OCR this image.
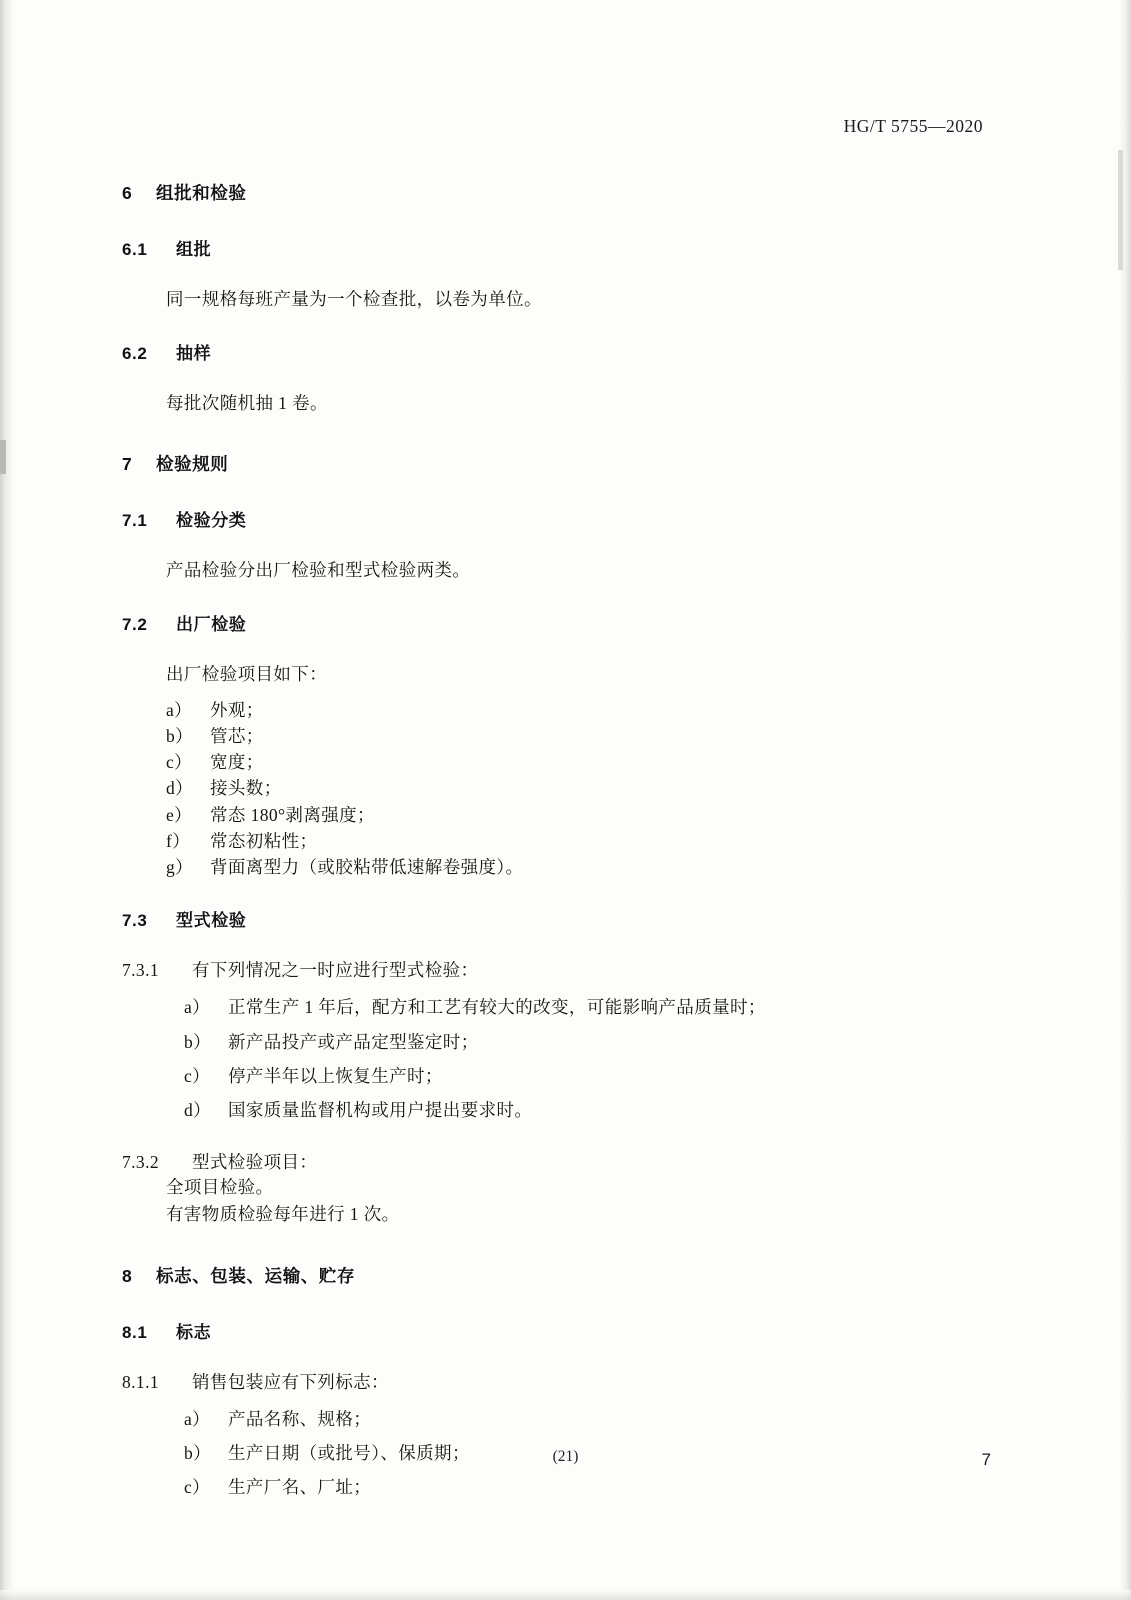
HG/T 5755—2020
6 组批和检验
6.1 组批

同一规格每班产量为一个检查批，以卷为单位。

6.2 抽样

每批次随机抽 1 卷。

7 检验规则
7.1 检验分类

产品检验分出厂检验和型式检验两类。

7.2 出厂检验

出厂检验项目如下：

a） 外观；
b） 管芯；
c） 宽度；
d） 接头数；
e） 常态 180°剥离强度；
f） 常态初粘性；
g） 背面离型力（或胶粘带低速解卷强度）。
7.3 型式检验
7.3.1 有下列情况之一时应进行型式检验：
a） 正常生产 1 年后，配方和工艺有较大的改变，可能影响产品质量时；
b） 新产品投产或产品定型鉴定时；
c） 停产半年以上恢复生产时；
d） 国家质量监督机构或用户提出要求时。
7.3.2 型式检验项目：

全项目检验。

有害物质检验每年进行 1 次。

8 标志、包装、运输、贮存
8.1 标志
8.1.1 销售包装应有下列标志：
a） 产品名称、规格；
b） 生产日期（或批号）、保质期；
c） 生产厂名、厂址；
(21)	7
